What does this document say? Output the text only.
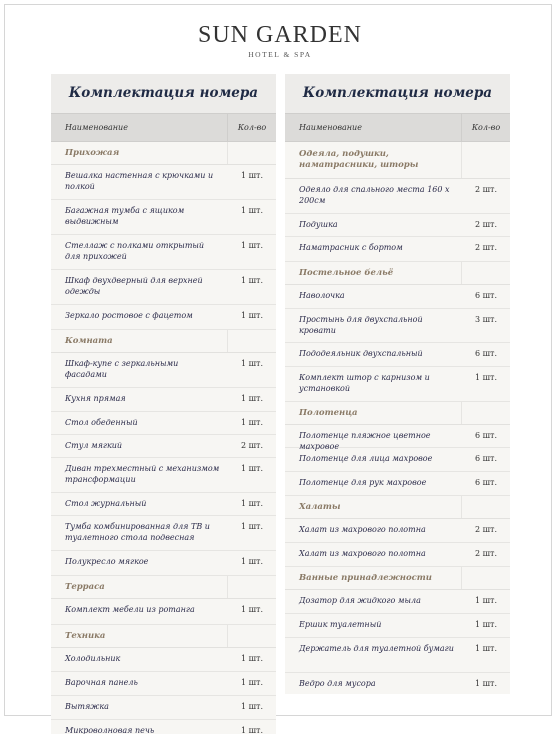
SUN GARDEN
HOTEL & SPA
Комплектация номера
Наименование	Кол-во
Прихожая
Вешалка настенная с крючками и полкой
1 шт.
Багажная тумба с ящиком выдвижным
1 шт.
Стеллаж с полками открытый для прихожей
1 шт.
Шкаф двухдверный для верхней одежды
1 шт.
Зеркало ростовое с фацетом	1 шт.
Комната
Шкаф-купе с зеркальными фасадами
1 шт.
Кухня прямая	1 шт.
Стол обеденный	1 шт.
Стул мягкий	2 шт.
Диван трехместный с механизмом трансформации
1 шт.
Стол журнальный	1 шт.
Тумба комбинированная для ТВ и туалетного стола подвесная
1 шт.
Полукресло мягкое	1 шт.
Терраса
Комплект мебели из ротанга	1 шт.
Техника
Холодильник	1 шт.
Варочная панель	1 шт.
Вытяжка	1 шт.
Микроволновая печь	1 шт.
Комплектация номера
Наименование	Кол-во
Одеяла, подушки, наматрасники, шторы
Одеяло для спального места 160 х 200см
2 шт.
Подушка	2 шт.
Наматрасник с бортом	2 шт.
Постельное бельё
Наволочка	6 шт.
Простынь для двухспальной кровати
3 шт.
Пододеяльник двухспальный	6 шт.
Комплект штор с карнизом и установкой
1 шт.
Полотенца
Полотенце пляжное цветное махровое
6 шт.
Полотенце для лица махровое	6 шт.
Полотенце для рук махровое	6 шт.
Халаты
Халат из махрового полотна	2 шт.
Халат из махрового полотна	2 шт.
Ванные принадлежности
Дозатор для жидкого мыла	1 шт.
Ершик туалетный	1 шт.
Держатель для туалетной бумаги	1 шт.
Ведро для мусора	1 шт.
